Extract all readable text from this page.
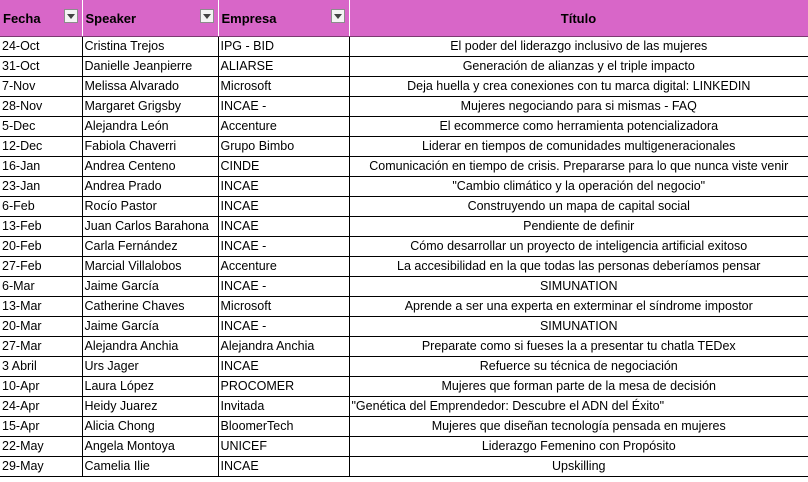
Fecha	Speaker	Empresa	Título
24-Oct	Cristina Trejos	IPG - BID	El poder del liderazgo inclusivo de las mujeres
31-Oct	Danielle Jeanpierre	ALIARSE	Generación de alianzas y el triple impacto
7-Nov	Melissa Alvarado	Microsoft	Deja huella y crea conexiones con tu marca digital: LINKEDIN
28-Nov	Margaret Grigsby	INCAE -	Mujeres negociando para si mismas - FAQ
5-Dec	Alejandra León	Accenture	El ecommerce como herramienta potencializadora
12-Dec	Fabiola Chaverri	Grupo Bimbo	Liderar en tiempos de comunidades multigeneracionales
16-Jan	Andrea Centeno	CINDE	Comunicación en tiempo de crisis. Prepararse para lo que nunca viste venir
23-Jan	Andrea Prado	INCAE	"Cambio climático y la operación del negocio"
6-Feb	Rocío Pastor	INCAE	Construyendo un mapa de capital social
13-Feb	Juan Carlos Barahona	INCAE	Pendiente de definir
20-Feb	Carla Fernández	INCAE -	Cómo desarrollar un proyecto de inteligencia artificial exitoso
27-Feb	Marcial Villalobos	Accenture	La accesibilidad en la que todas las personas deberíamos pensar
6-Mar	Jaime García	INCAE -	SIMUNATION
13-Mar	Catherine Chaves	Microsoft	Aprende a ser una experta en exterminar el síndrome impostor
20-Mar	Jaime García	INCAE -	SIMUNATION
27-Mar	Alejandra Anchia	Alejandra Anchia	Preparate como si fueses la a presentar tu chatla TEDex
3 Abril	Urs Jager	INCAE	Refuerce su técnica de negociación
10-Apr	Laura López	PROCOMER	Mujeres que forman parte de la mesa de decisión
24-Apr	Heidy Juarez	Invitada	"Genética del Emprendedor: Descubre el ADN del Éxito"
15-Apr	Alicia Chong	BloomerTech	Mujeres que diseñan tecnología pensada en mujeres
22-May	Angela Montoya	UNICEF	Liderazgo Femenino con Propósito
29-May	Camelia Ilie	INCAE	Upskilling
